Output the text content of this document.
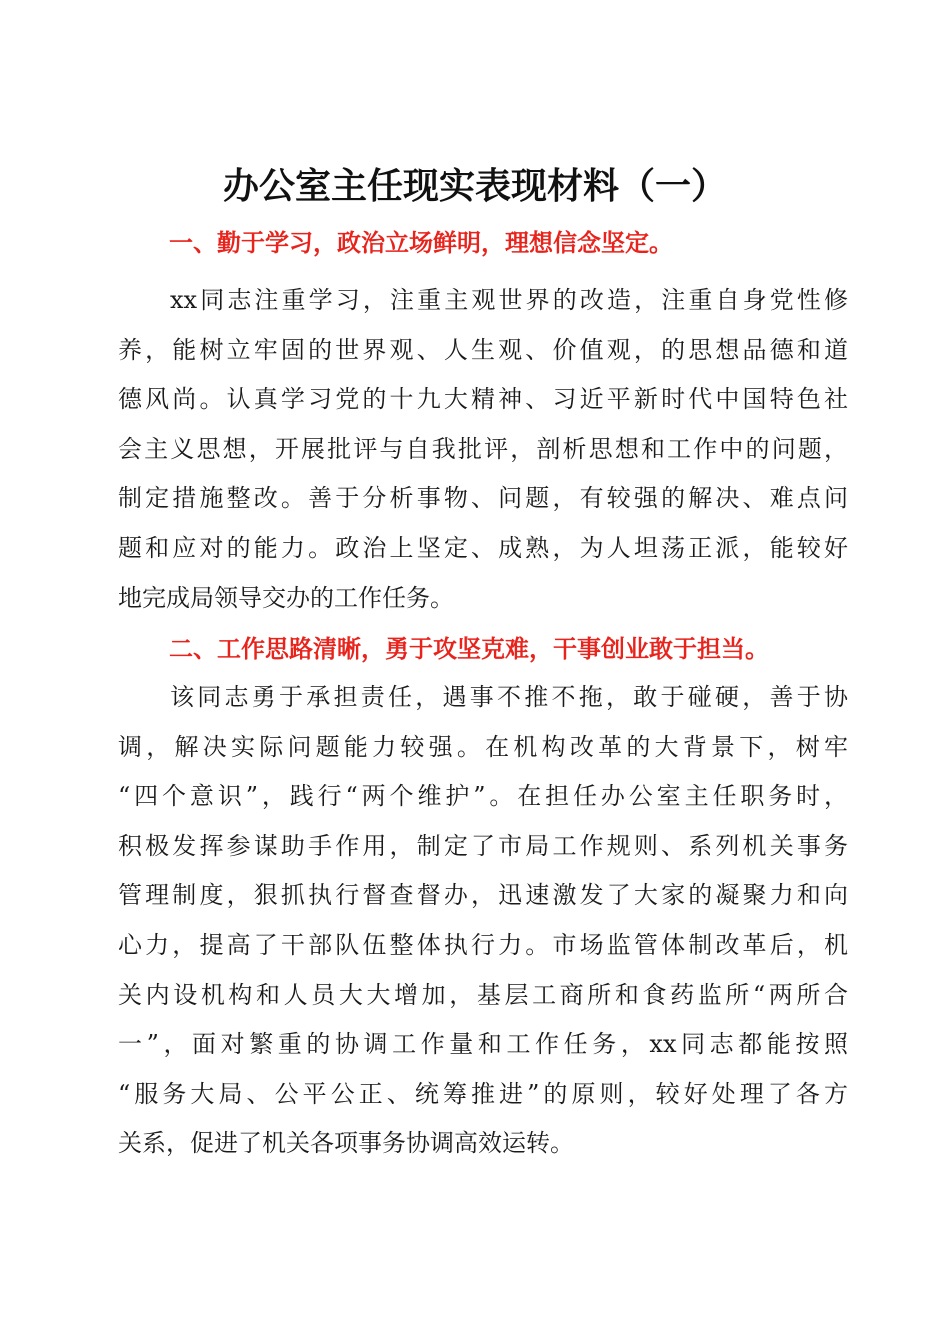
办公室主任现实表现材料（一）
一、勤于学习，政治立场鲜明，理想信念坚定。
xx同志注重学习，注重主观世界的改造，注重自身党性修
养，能树立牢固的世界观、人生观、价值观，的思想品德和道
德风尚。认真学习党的十九大精神、习近平新时代中国特色社
会主义思想，开展批评与自我批评，剖析思想和工作中的问题，
制定措施整改。善于分析事物、问题，有较强的解决、难点问
题和应对的能力。政治上坚定、成熟，为人坦荡正派，能较好
地完成局领导交办的工作任务。
二、工作思路清晰，勇于攻坚克难，干事创业敢于担当。
该同志勇于承担责任，遇事不推不拖，敢于碰硬，善于协
调，解决实际问题能力较强。在机构改革的大背景下，树牢
“四个意识”，践行“两个维护”。在担任办公室主任职务时，
积极发挥参谋助手作用，制定了市局工作规则、系列机关事务
管理制度，狠抓执行督查督办，迅速激发了大家的凝聚力和向
心力，提高了干部队伍整体执行力。市场监管体制改革后，机
关内设机构和人员大大增加，基层工商所和食药监所“两所合
一”，面对繁重的协调工作量和工作任务，xx同志都能按照
“服务大局、公平公正、统筹推进”的原则，较好处理了各方
关系，促进了机关各项事务协调高效运转。
